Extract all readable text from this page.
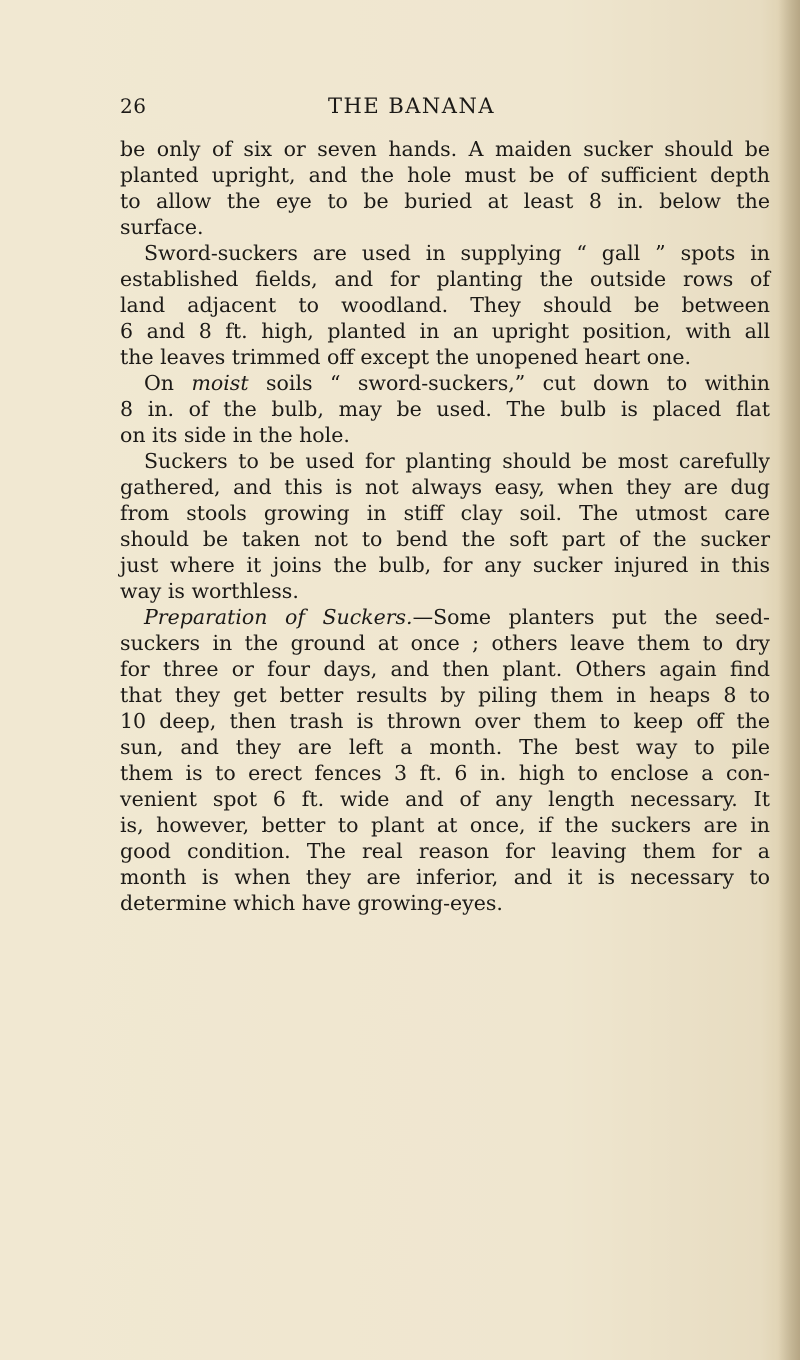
26	THE BANANA
be only of six or seven hands. A maiden sucker should be
planted upright, and the hole must be of sufficient depth
to allow the eye to be buried at least 8 in. below the
surface.
Sword-suckers are used in supplying “ gall ” spots in
established fields, and for planting the outside rows of
land adjacent to woodland. They should be between
6 and 8 ft. high, planted in an upright position, with all
the leaves trimmed off except the unopened heart one.
On moist soils “ sword-suckers,” cut down to within
8 in. of the bulb, may be used. The bulb is placed flat
on its side in the hole.
Suckers to be used for planting should be most carefully
gathered, and this is not always easy, when they are dug
from stools growing in stiff clay soil. The utmost care
should be taken not to bend the soft part of the sucker
just where it joins the bulb, for any sucker injured in this
way is worthless.
Preparation of Suckers.—Some planters put the seed-
suckers in the ground at once ; others leave them to dry
for three or four days, and then plant. Others again find
that they get better results by piling them in heaps 8 to
10 deep, then trash is thrown over them to keep off the
sun, and they are left a month. The best way to pile
them is to erect fences 3 ft. 6 in. high to enclose a con-
venient spot 6 ft. wide and of any length necessary. It
is, however, better to plant at once, if the suckers are in
good condition. The real reason for leaving them for a
month is when they are inferior, and it is necessary to
determine which have growing-eyes.
